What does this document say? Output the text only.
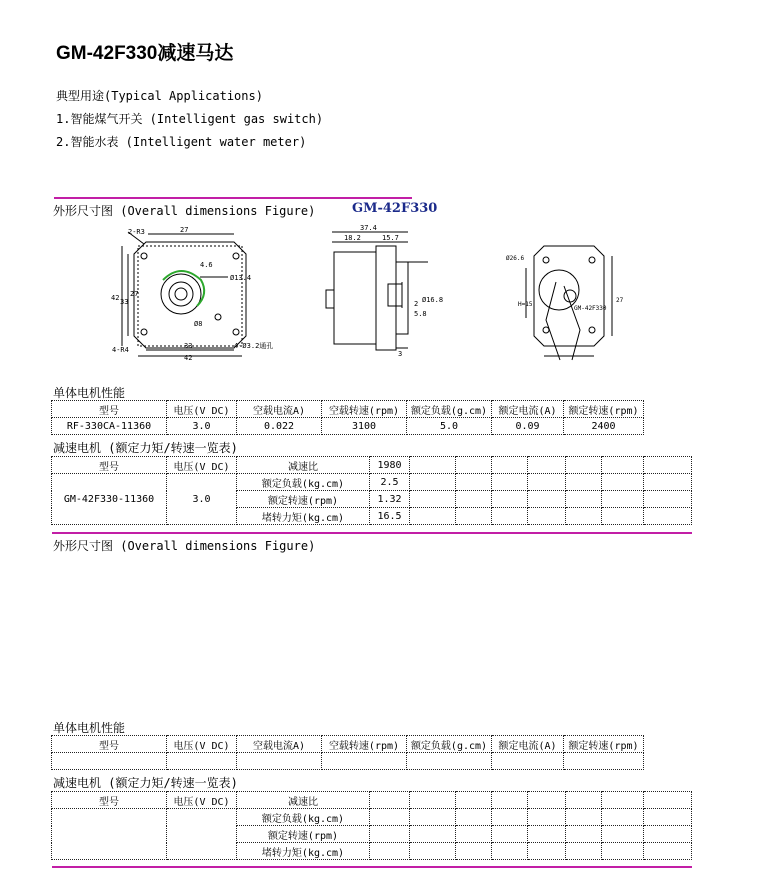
GM-42F330减速马达
典型用途(Typical Applications)
1.智能煤气开关 (Intelligent gas switch)
2.智能水表 (Intelligent water meter)
外形尺寸图 (Overall dimensions Figure)	GM-42F330
2-R3	27
4.6
Ø13.4
42 33
27
Ø8
4-R4	4-Ø3.2通孔
33
42
37.4
18.2	15.7
Ø16.8
2
5.8
3
Ø26.6
H=15
27
GM-42F330
单体电机性能
型号	电压(V DC)	空载电流A)	空载转速(rpm)	额定负载(g.cm)	额定电流(A)	额定转速(rpm)
RF-330CA-11360	3.0	0.022	3100	5.0	0.09	2400
减速电机 (额定力矩/转速一览表)
型号	电压(V DC)	减速比	1980							
GM-42F330-11360	3.0	额定负载(kg.cm)	2.5							
		额定转速(rpm)	1.32							
		堵转力矩(kg.cm)	16.5							
外形尺寸图 (Overall dimensions Figure)
单体电机性能
型号	电压(V DC)	空载电流A)	空载转速(rpm)	额定负载(g.cm)	额定电流(A)	额定转速(rpm)

减速电机 (额定力矩/转速一览表)
型号	电压(V DC)	减速比								
		额定负载(kg.cm)								
		额定转速(rpm)								
		堵转力矩(kg.cm)								
